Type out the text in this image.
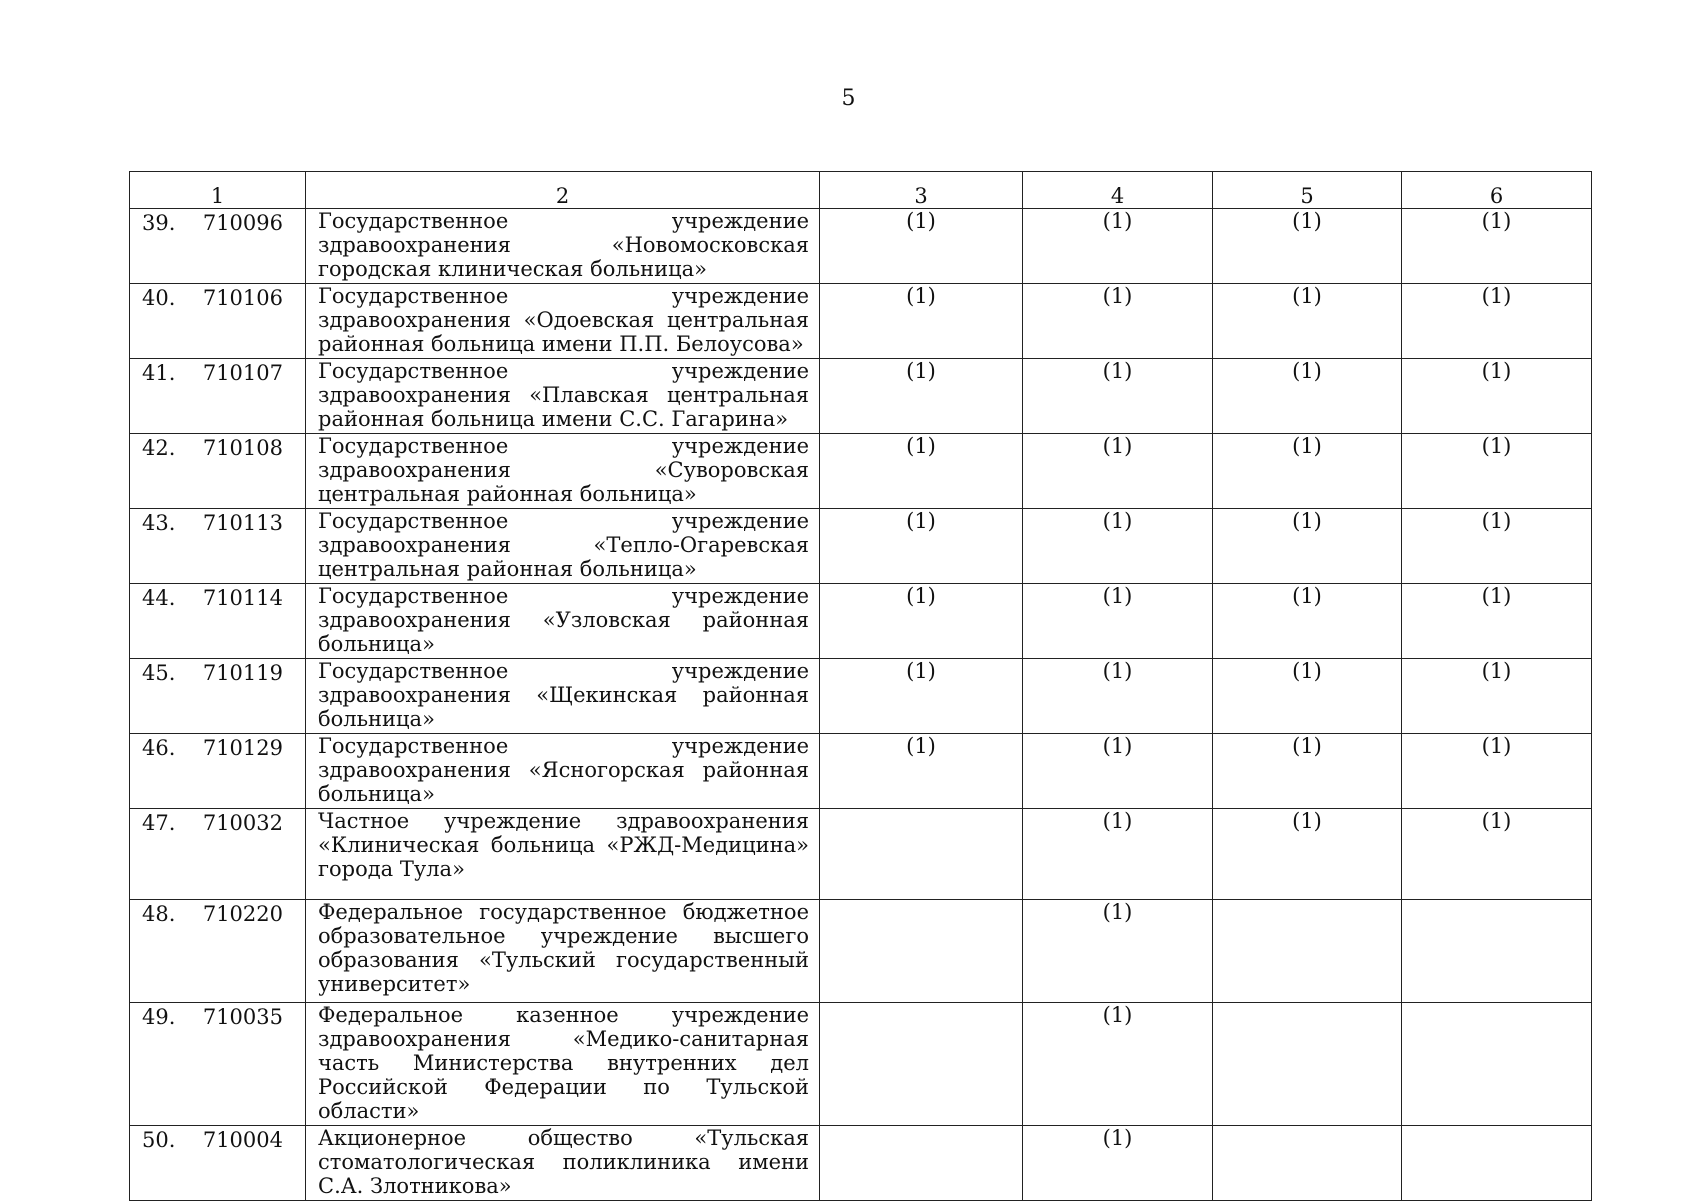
5
1	2	3	4	5	6

39. 710096	Государственное учреждение здравоохранения «Новомосковская городская клиническая больница»	(1)	(1)	(1)	(1)

40. 710106	Государственное учреждение здравоохранения «Одоевская центральная районная больница имени П.П. Белоусова»	(1)	(1)	(1)	(1)

41. 710107	Государственное учреждение здравоохранения «Плавская центральная районная больница имени С.С. Гагарина»	(1)	(1)	(1)	(1)

42. 710108	Государственное учреждение здравоохранения «Суворовская центральная районная больница»	(1)	(1)	(1)	(1)

43. 710113	Государственное учреждение здравоохранения «Тепло-Огаревская центральная районная больница»	(1)	(1)	(1)	(1)

44. 710114	Государственное учреждение здравоохранения «Узловская районная больница»	(1)	(1)	(1)	(1)

45. 710119	Государственное учреждение здравоохранения «Щекинская районная больница»	(1)	(1)	(1)	(1)

46. 710129	Государственное учреждение здравоохранения «Ясногорская районная больница»	(1)	(1)	(1)	(1)

47. 710032	Частное учреждение здравоохранения «Клиническая больница «РЖД-Медицина» города Тула»		(1)	(1)	(1)

48. 710220	Федеральное государственное бюджетное образовательное учреждение высшего образования «Тульский государственный университет»		(1)		

49. 710035	Федеральное казенное учреждение здравоохранения «Медико-санитарная часть Министерства внутренних дел Российской Федерации по Тульской области»		(1)		

50. 710004	Акционерное общество «Тульская стоматологическая поликлиника имени С.А. Злотникова»		(1)		
